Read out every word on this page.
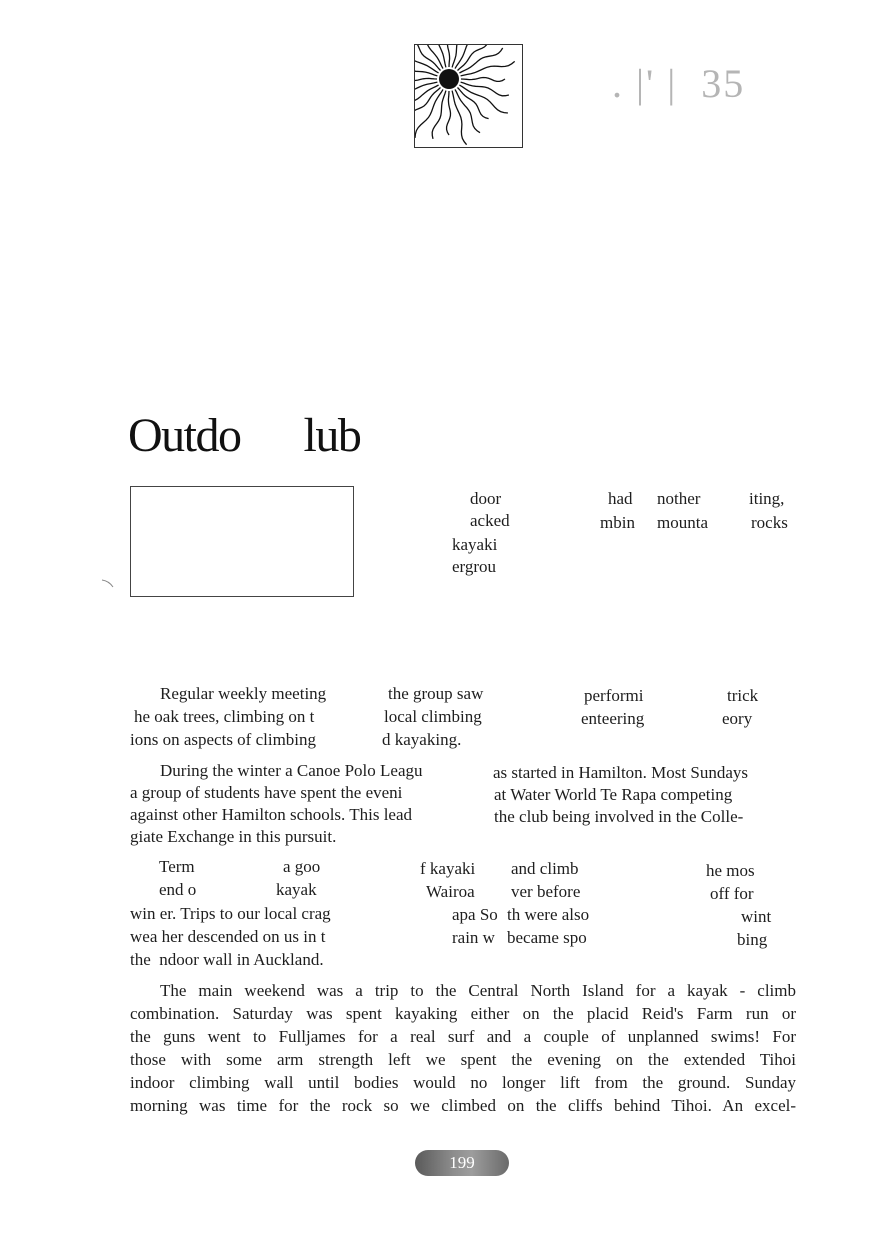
. |' |  35
Outdo      lub
door
acked
kayaki
ergrou
had
mbin
nother
mounta
iting,
rocks
Regular weekly meeting
he oak trees, climbing on t
ions on aspects of climbing
the group saw
local climbing
d kayaking.
performi
enteering
trick
eory
During the winter a Canoe Polo Leagu
a group of students have spent the eveni
against other Hamilton schools. This lead
giate Exchange in this pursuit.
as started in Hamilton. Most Sundays
at Water World Te Rapa competing
the club being involved in the Colle-
Term
end o
win er. Trips to our local crag
wea her descended on us in t
the  ndoor wall in Auckland.
a goo
kayak
f kayaki
Wairoa
apa So
rain w
and climb
ver before
th were also
became spo
he mos
off for
wint
bing
The main weekend was a trip to the Central North Island for a kayak - climb
combination. Saturday was spent kayaking either on the placid Reid's Farm run or
the guns went to Fulljames for a real surf and a couple of unplanned swims! For
those with some arm strength left we spent the evening on the extended Tihoi
indoor climbing wall until bodies would no longer lift from the ground. Sunday
morning was time for the rock so we climbed on the cliffs behind Tihoi. An excel-
199
